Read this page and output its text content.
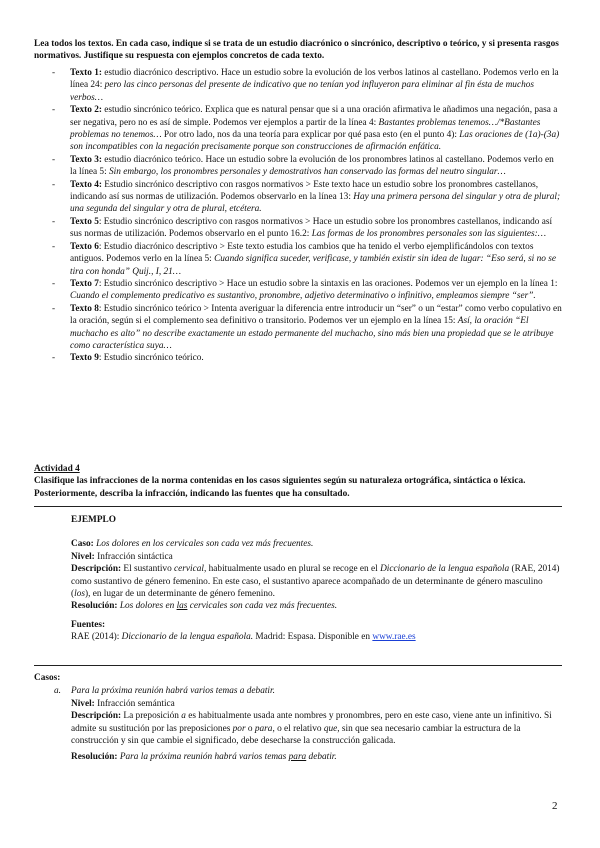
Lea todos los textos. En cada caso, indique si se trata de un estudio diacrónico o sincrónico, descriptivo o teórico, y si presenta rasgos normativos. Justifique su respuesta con ejemplos concretos de cada texto.

- Texto 1: estudio diacrónico descriptivo. Hace un estudio sobre la evolución de los verbos latinos al castellano. Podemos verlo en la línea 24: pero las cinco personas del presente de indicativo que no tenían yod influyeron para eliminar al fin ésta de muchos verbos…
- Texto 2: estudio sincrónico teórico. Explica que es natural pensar que si a una oración afirmativa le añadimos una negación, pasa a ser negativa, pero no es así de simple. Podemos ver ejemplos a partir de la línea 4: Bastantes problemas tenemos…/*Bastantes problemas no tenemos… Por otro lado, nos da una teoría para explicar por qué pasa esto (en el punto 4): Las oraciones de (1a)-(3a) son incompatibles con la negación precisamente porque son construcciones de afirmación enfática.
- Texto 3: estudio diacrónico teórico. Hace un estudio sobre la evolución de los pronombres latinos al castellano. Podemos verlo en la línea 5: Sin embargo, los pronombres personales y demostrativos han conservado las formas del neutro singular…
- Texto 4: Estudio sincrónico descriptivo con rasgos normativos > Este texto hace un estudio sobre los pronombres castellanos, indicando así sus normas de utilización. Podemos observarlo en la línea 13: Hay una primera persona del singular y otra de plural; una segunda del singular y otra de plural, etcétera.
- Texto 5: Estudio sincrónico descriptivo con rasgos normativos > Hace un estudio sobre los pronombres castellanos, indicando así sus normas de utilización. Podemos observarlo en el punto 16.2: Las formas de los pronombres personales son las siguientes:…
- Texto 6: Estudio diacrónico descriptivo > Este texto estudia los cambios que ha tenido el verbo ejemplificándolos con textos antiguos. Podemos verlo en la línea 5: Cuando significa suceder, verificase, y también existir sin idea de lugar: “Eso será, si no se tira con honda” Quij., I, 21…
- Texto 7: Estudio sincrónico descriptivo > Hace un estudio sobre la sintaxis en las oraciones. Podemos ver un ejemplo en la línea 1: Cuando el complemento predicativo es sustantivo, pronombre, adjetivo determinativo o infinitivo, empleamos siempre “ser”.
- Texto 8: Estudio sincrónico teórico > Intenta averiguar la diferencia entre introducir un “ser” o un “estar” como verbo copulativo en la oración, según si el complemento sea definitivo o transitorio. Podemos ver un ejemplo en la línea 15: Así, la oración “El muchacho es alto” no describe exactamente un estado permanente del muchacho, sino más bien una propiedad que se le atribuye como característica suya…
- Texto 9: Estudio sincrónico teórico.
Actividad 4
Clasifique las infracciones de la norma contenidas en los casos siguientes según su naturaleza ortográfica, sintáctica o léxica. Posteriormente, describa la infracción, indicando las fuentes que ha consultado.
EJEMPLO

Caso: Los dolores en los cervicales son cada vez más frecuentes.

Nivel: Infracción sintáctica

Descripción: El sustantivo cervical, habitualmente usado en plural se recoge en el Diccionario de la lengua española (RAE, 2014) como sustantivo de género femenino. En este caso, el sustantivo aparece acompañado de un determinante de género masculino (los), en lugar de un determinante de género femenino.

Resolución: Los dolores en las cervicales son cada vez más frecuentes.

Fuentes:

RAE (2014): Diccionario de la lengua española. Madrid: Espasa. Disponible en www.rae.es

Casos:
a. Para la próxima reunión habrá varios temas a debatir.

Nivel: Infracción semántica

Descripción: La preposición a es habitualmente usada ante nombres y pronombres, pero en este caso, viene ante un infinitivo. Si admite su sustitución por las preposiciones por o para, o el relativo que, sin que sea necesario cambiar la estructura de la construcción y sin que cambie el significado, debe desecharse la construcción galicada.

Resolución: Para la próxima reunión habrá varios temas para debatir.

2
